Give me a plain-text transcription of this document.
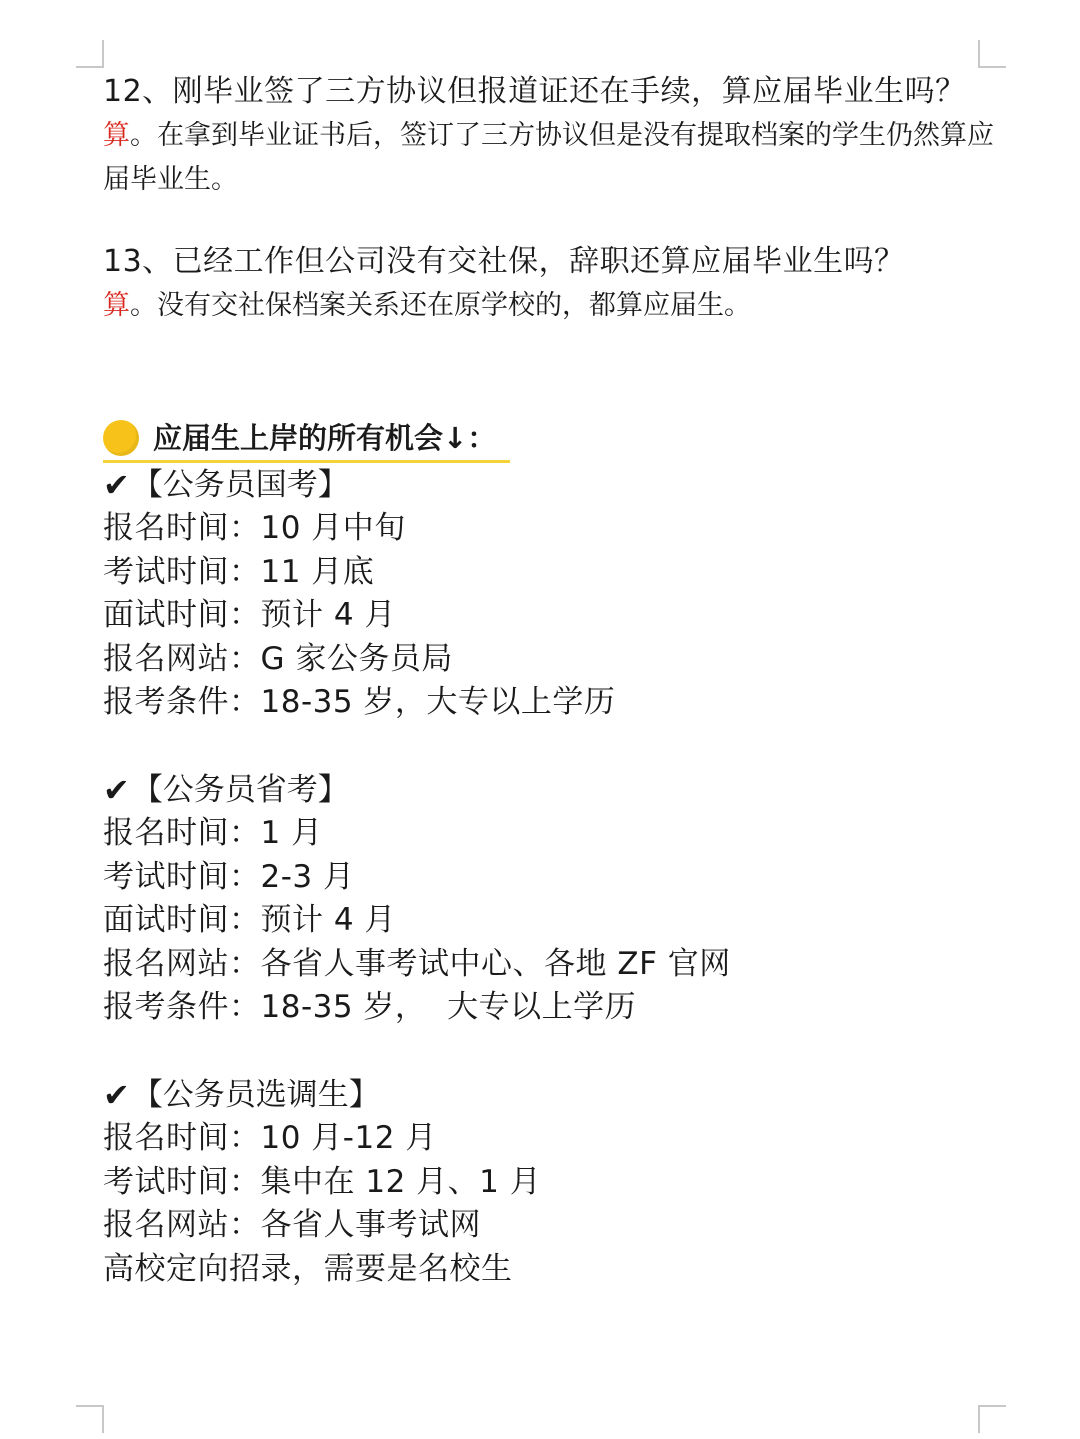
12、刚毕业签了三方协议但报道证还在手续，算应届毕业生吗？

算。在拿到毕业证书后，签订了三方协议但是没有提取档案的学生仍然算应届毕业生。

13、已经工作但公司没有交社保，辞职还算应届毕业生吗？

算。没有交社保档案关系还在原学校的，都算应届生。

应届生上岸的所有机会↓：

✔ 【公务员国考】

报名时间：10 月中旬

考试时间：11 月底

面试时间：预计 4 月

报名网站：G 家公务员局

报考条件：18-35 岁，大专以上学历

✔ 【公务员省考】

报名时间：1 月

考试时间：2-3 月

面试时间：预计 4 月

报名网站：各省人事考试中心、各地 ZF 官网

报考条件：18-35 岁，  大专以上学历

✔ 【公务员选调生】

报名时间：10 月-12 月

考试时间：集中在 12 月、1 月

报名网站：各省人事考试网

高校定向招录，需要是名校生
